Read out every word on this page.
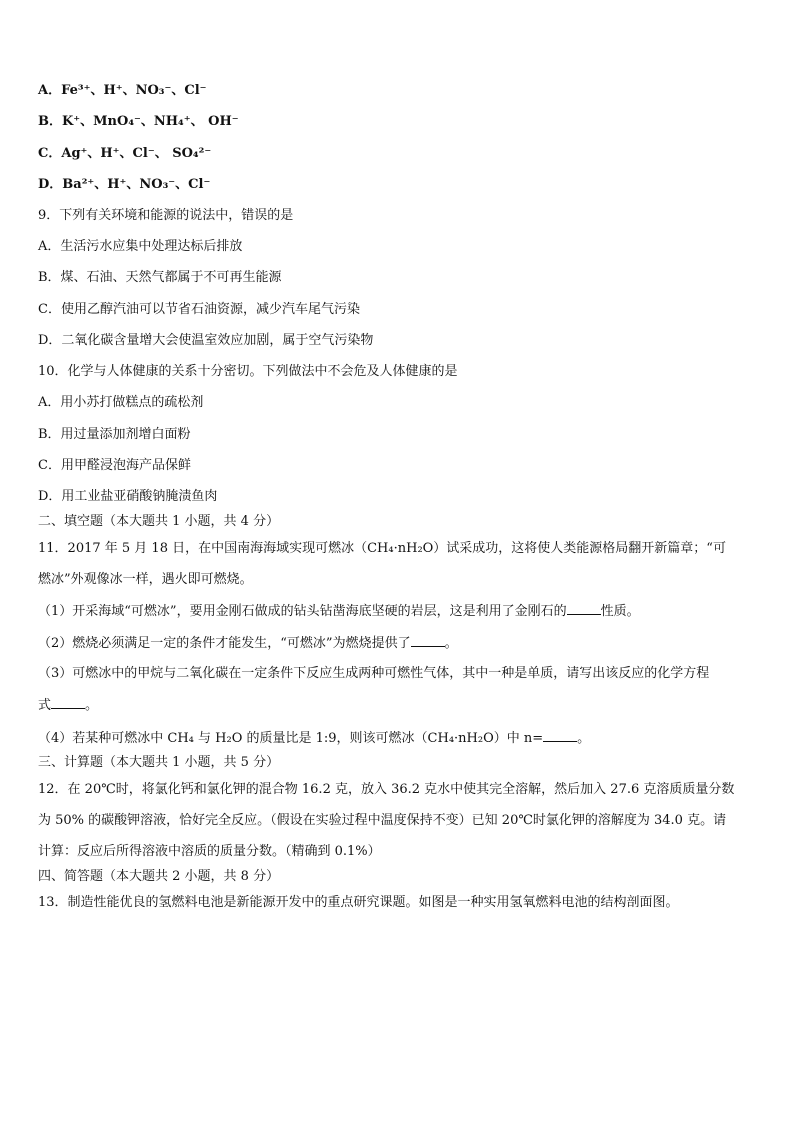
A．Fe³⁺、H⁺、NO₃⁻、Cl⁻
B．K⁺、MnO₄⁻、NH₄⁺、 OH⁻
C．Ag⁺、H⁺、Cl⁻、 SO₄²⁻
D．Ba²⁺、H⁺、NO₃⁻、Cl⁻
9．下列有关环境和能源的说法中，错误的是
A．生活污水应集中处理达标后排放
B．煤、石油、天然气都属于不可再生能源
C．使用乙醇汽油可以节省石油资源，减少汽车尾气污染
D．二氧化碳含量增大会使温室效应加剧，属于空气污染物
10．化学与人体健康的关系十分密切。下列做法中不会危及人体健康的是
A．用小苏打做糕点的疏松剂
B．用过量添加剂增白面粉
C．用甲醛浸泡海产品保鲜
D．用工业盐亚硝酸钠腌渍鱼肉
二、填空题（本大题共 1 小题，共 4 分）
11．2017 年 5 月 18 日，在中国南海海域实现可燃冰（CH₄·nH₂O）试采成功，这将使人类能源格局翻开新篇章；“可
燃冰”外观像冰一样，遇火即可燃烧。
（1）开采海域“可燃冰”，要用金刚石做成的钻头钻凿海底坚硬的岩层，这是利用了金刚石的	性质。
（2）燃烧必须满足一定的条件才能发生，“可燃冰”为燃烧提供了	。
（3）可燃冰中的甲烷与二氧化碳在一定条件下反应生成两种可燃性气体，其中一种是单质，请写出该反应的化学方程
式	。
（4）若某种可燃冰中 CH₄ 与 H₂O 的质量比是 1:9，则该可燃冰（CH₄·nH₂O）中 n=	。
三、计算题（本大题共 1 小题，共 5 分）
12．在 20℃时，将氯化钙和氯化钾的混合物 16.2 克，放入 36.2 克水中使其完全溶解，然后加入 27.6 克溶质质量分数
为 50% 的碳酸钾溶液，恰好完全反应。（假设在实验过程中温度保持不变）已知 20℃时氯化钾的溶解度为 34.0 克。请
计算：反应后所得溶液中溶质的质量分数。（精确到 0.1%）
四、简答题（本大题共 2 小题，共 8 分）
13．制造性能优良的氢燃料电池是新能源开发中的重点研究课题。如图是一种实用氢氧燃料电池的结构剖面图。
